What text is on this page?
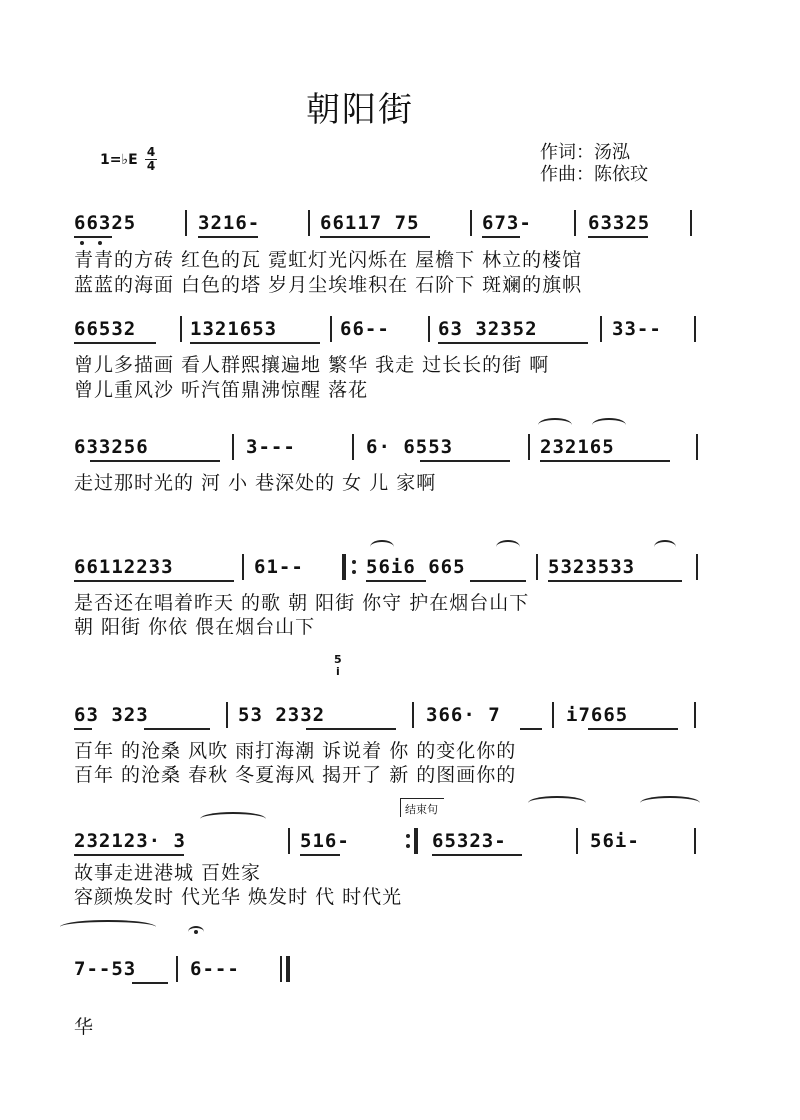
朝阳街
作词：汤泓
作曲：陈依玟
1=♭E 4
4
66325	3216-	66117 75	673-	63325
青青的方砖 红色的瓦 霓虹灯光闪烁在 屋檐下 林立的楼馆
蓝蓝的海面 白色的塔 岁月尘埃堆积在 石阶下 斑斓的旗帜
66532	1321653	66--	63 32352	33--
曾儿多描画 看人群熙攘遍地 繁华 我走 过长长的街 啊
曾儿重风沙 听汽笛鼎沸惊醒 落花
633256	3---	6· 6553	232165
走过那时光的 河 小 巷深处的 女 儿 家啊
66112233	61--	56i6 665	5323533
是否还在唱着昨天 的歌 朝 阳街 你守 护在烟台山下
朝 阳街 你依 偎在烟台山下
5
i
63 323	53 2332	366· 7	i7665
百年 的沧桑 风吹 雨打海潮 诉说着 你 的变化你的
百年 的沧桑 春秋 冬夏海风 揭开了 新 的图画你的
结束句
232123· 3	516-	65323-	56i-
故事走进港城 百姓家
容颜焕发时 代光华 焕发时 代 时代光
7--53	6---
华
